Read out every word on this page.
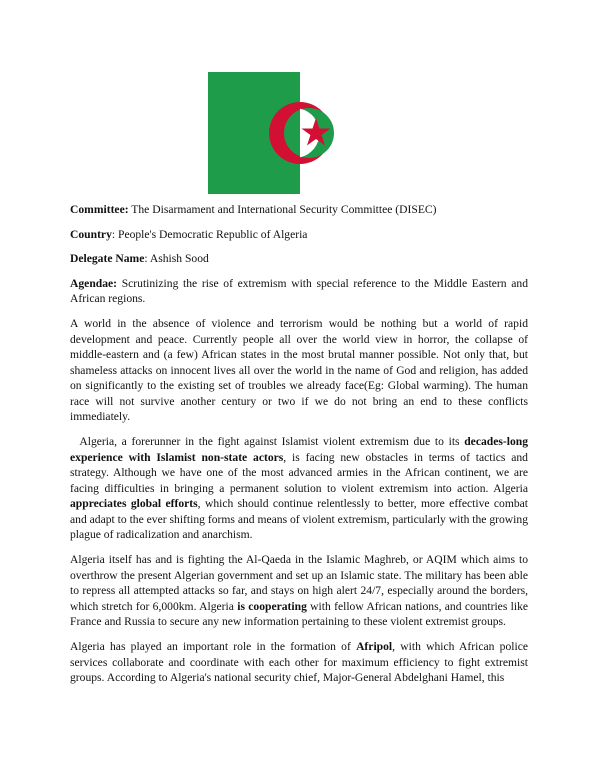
Committee: The Disarmament and International Security Committee (DISEC)

Country: People's Democratic Republic of Algeria

Delegate Name: Ashish Sood

Agendae: Scrutinizing the rise of extremism with special reference to the Middle Eastern and African regions.

A world in the absence of violence and terrorism would be nothing but a world of rapid development and peace. Currently people all over the world view in horror, the collapse of middle-eastern and (a few) African states in the most brutal manner possible. Not only that, but shameless attacks on innocent lives all over the world in the name of God and religion, has added on significantly to the existing set of troubles we already face(Eg: Global warming). The human race will not survive another century or two if we do not bring an end to these conflicts immediately.

Algeria, a forerunner in the fight against Islamist violent extremism due to its decades-long experience with Islamist non-state actors, is facing new obstacles in terms of tactics and strategy. Although we have one of the most advanced armies in the African continent, we are facing difficulties in bringing a permanent solution to violent extremism into action. Algeria appreciates global efforts, which should continue relentlessly to better, more effective combat and adapt to the ever shifting forms and means of violent extremism, particularly with the growing plague of radicalization and anarchism.

Algeria itself has and is fighting the Al-Qaeda in the Islamic Maghreb, or AQIM which aims to overthrow the present Algerian government and set up an Islamic state. The military has been able to repress all attempted attacks so far, and stays on high alert 24/7, especially around the borders, which stretch for 6,000km. Algeria is cooperating with fellow African nations, and countries like France and Russia to secure any new information pertaining to these violent extremist groups.

Algeria has played an important role in the formation of Afripol, with which African police services collaborate and coordinate with each other for maximum efficiency to fight extremist groups. According to Algeria's national security chief, Major-General Abdelghani Hamel, this
